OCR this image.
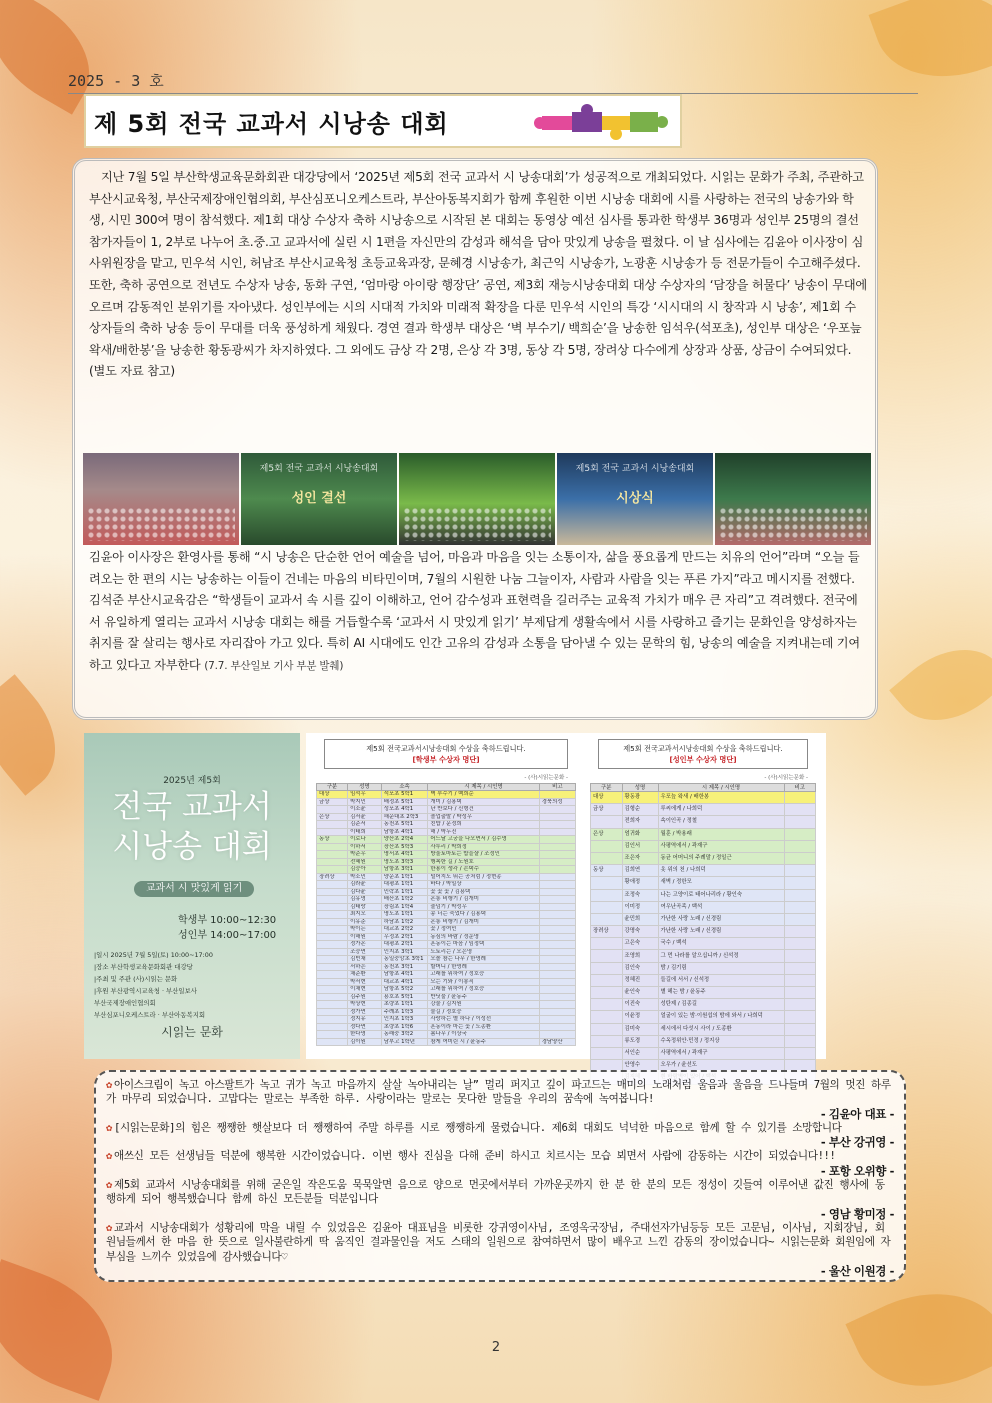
2025 - 3 호
제 5회 전국 교과서 시낭송 대회

　지난 7월 5일 부산학생교육문화회관 대강당에서 ‘2025년 제5회 전국 교과서 시 낭송대회’가 성공적으로 개최되었다. 시읽는 문화가 주최, 주관하고 부산시교육청, 부산국제장애인협의회, 부산심포니오케스트라, 부산아동복지회가 함께 후원한 이번 시낭송 대회에 시를 사랑하는 전국의 낭송가와 학생, 시민 300여 명이 참석했다. 제1회 대상 수상자 축하 시낭송으로 시작된 본 대회는 동영상 예선 심사를 통과한 학생부 36명과 성인부 25명의 결선 참가자들이 1, 2부로 나누어 초.중.고 교과서에 실린 시 1편을 자신만의 감성과 해석을 담아 맛있게 낭송을 펼쳤다. 이 날 심사에는 김윤아 이사장이 심사위원장을 맡고, 민우석 시인, 허남조 부산시교육청 초등교육과장, 문혜경 시낭송가, 최근익 시낭송가, 노광훈 시낭송가 등 전문가들이 수고해주셨다. 또한, 축하 공연으로 전년도 수상자 낭송, 동화 구연, ‘엄마랑 아이랑 행장단’ 공연, 제3회 재능시낭송대회 대상 수상자의 ‘담장을 허물다’ 낭송이 무대에 오르며 감동적인 분위기를 자아냈다. 성인부에는 시의 시대적 가치와 미래적 확장을 다룬 민우석 시인의 특강 ‘시시대의 시 창작과 시 낭송’, 제1회 수상자들의 축하 낭송 등이 무대를 더욱 풍성하게 채웠다. 경연 결과 학생부 대상은 ‘벽 부수기/ 백희순’을 낭송한 임석우(석포초), 성인부 대상은 ‘우포늪 왁새/배한봉’을 낭송한 황동광씨가 차지하였다. 그 외에도 금상 각 2명, 은상 각 3명, 동상 각 5명, 장려상 다수에게 상장과 상품, 상금이 수여되었다. (별도 자료 참고)

제5회 전국 교과서 시낭송대회
성인 결선
제5회 전국 교과서 시낭송대회
시상식

김윤아 이사장은 환영사를 통해 “시 낭송은 단순한 언어 예술을 넘어, 마음과 마음을 잇는 소통이자, 삶을 풍요롭게 만드는 치유의 언어”라며 “오늘 들려오는 한 편의 시는 낭송하는 이들이 건네는 마음의 비타민이며, 7월의 시원한 나눔 그늘이자, 사람과 사람을 잇는 푸른 가지”라고 메시지를 전했다. 김석준 부산시교육감은 “학생들이 교과서 속 시를 깊이 이해하고, 언어 감수성과 표현력을 길러주는 교육적 가치가 매우 큰 자리”고 격려했다. 전국에서 유일하게 열리는 교과서 시낭송 대회는 해를 거듭할수록 ‘교과서 시 맛있게 읽기’ 부제답게 생활속에서 시를 사랑하고 즐기는 문화인을 양성하자는 취지를 잘 살리는 행사로 자리잡아 가고 있다. 특히 AI 시대에도 인간 고유의 감성과 소통을 담아낼 수 있는 문학의 힘, 낭송의 예술을 지켜내는데 기여하고 있다고 자부한다 (7.7. 부산일보 기사 부분 발췌)

2025년 제5회
전국 교과서
시낭송 대회
교과서 시 맛있게 읽기
학생부 10:00~12:30
성인부 14:00~17:00
|일시 2025년 7월 5일(토) 10:00~17:00
|장소 부산학생교육문화회관 대강당
|주최 및 주관 (사)시읽는 문화
|후원 부산광역시교육청 · 부산일보사
부산국제장애인협의회
부산심포니오케스트라 · 부산아동복지회
시읽는 문화
제5회 전국교과서시낭송대회 수상을 축하드립니다.
[학생부 수상자 명단]
- (사)시읽는문화 -
구분	성명	소속	시 제목 / 시인명	비고
대상	임석우	석포초 5학1	벽 부수기 / 백희순	
금상	박지민	배정초 5학1	개미 / 김용택	경북의성
	이소윤	성포초 4학1	난 반보다 / 신형건	
은상	김서윤	해운대초 2학3	졸업출발 / 박성우	
	김준서	동천초 5학1	친밥 / 문정희	
	이태희	남항초 4학1	해 / 박두진	
동상	이로나	양산초 2학4	어느날 고궁을 나오면서 / 김수영	
	이하서	장산초 5학3	사투리 / 박희정	
	박준우	명서초 4학1	방울토마토는 밥을샬 / 조정인	
	전혜원	명도초 3학3	행복한 길 / 노원호	
	김승아	남항초 3학1	한용이 생각 / 손택수	
장려상	박소민	양운초 1학1	털어지도 뛰는 공처럼 / 정현종	
	김라윤	대평초 1학1	바다 / 박일상	
	김다윤	민락초 1학1	꽃 꽃 꽃 / 김용택	
	김유영	배산초 1학2	온통 비행기 / 김개미	
	김태랑	장림초 1학4	줄넘기 / 박성우	
	최지오	명도초 1학1	콩 너는 죽었다 / 김용택	
	이유준	하남초 1학2	온통 비행기 / 김개미	
	박이든	대교초 2학2	꽃 / 정여민	
	이해원	우정초 2학1	동심의 바람 / 정운영	
	정가온	대평초 2학1	혼동이는 마음 / 임정택	
	조승연	인지초 3학1	도토리는 / 오은영	
	김빈채	동일중앙초 3학1	오솔 참는 나무 / 한영례	
	서하은	동천초 3학1	할머니 / 한영례	
	채준환	남항초 4학1	고래를 위하여 / 정호승	
	박서현	대교초 4학1	모는 기와 / 이봉직	
	이채현	남항초 5학2	고래를 위하여 / 정호승	
	김주원	용호초 5학1	반딧불 / 윤동주	
	박상현	초량초 1학1	강물 / 김지원	
	정가연	주례초 1학3	물길 / 정호승	
	정지유	인지초 1학3	사랑하는 별 하나 / 이성선	
	정다연	초량초 1학6	혼동이라 마는 꽃 / 도종환	
	한다영	동래중 3학2	봄나무 / 이상국	
	김이원	남부고 1학년	참게 여미린 시 / 윤동주	경남양산
제5회 전국교과서시낭송대회 수상을 축하드립니다.
[성인부 수상자 명단]
- (사)시읽는문화 -
구분	성명	시 제목 / 시인명	비고
대상	황동광	우포늪 왁새 / 배한봉	
금상	김형순	루씨에게 / 나희덕	
	전희자	속이인곡 / 정철	
은상	엄귀화	월훈 / 박용래	
	김인서	사평역에서 / 곽재구	
	조은자	동균 어머니의 주례말 / 정일근	
동상	김희연	옷 위의 천 / 나희덕	
	황애정	새벽 / 정한모	
	조정숙	나는 고양이로 태어나리라 / 황인숙	
	이미정	여우난곡족 / 백석	
	윤민희	가난한 사랑 노래 / 신경림	
장려상	강명숙	가난한 사랑 노래 / 신경림	
	고은숙	국수 / 백석	
	조영희	그 먼 나라를 알으십니까 / 신석정	
	김인숙	밤 / 김기림	
	정혜진	들길에 서서 / 신석정	
	윤인숙	별 헤는 밤 / 윤동주	
	이진숙	성탄제 / 김종길	
	이윤정	얼굴이 있는 밤·이원섭의 밤에 와서 / 나희덕	
	김미숙	세시에서 다섯시 사이 / 도종환	
	류도경	수옥정위안·민정 / 정지상	
	서인순	사평역에서 / 곽재구	
	안영수	오우가 / 윤선도	

✿ 아이스크림이 녹고 아스팔트가 녹고 귀가 녹고 마음까지 살살 녹아내리는 날” 멀리 퍼지고 깊이 파고드는 매미의 노래처럼 울음과 울음을 드나들며 7월의 멋진 하루가 마무리 되었습니다. 고맙다는 말로는 부족한 하루. 사랑이라는 말로는 못다한 말들을 우리의 꿈속에 녹여봅니다!
- 김윤아 대표 -
✿ [시읽는문화]의 힘은 쨍쨍한 햇살보다 더 쨍쨍하여 주말 하루를 시로 쨍쨍하게 물렸습니다. 제6회 대회도 넉넉한 마음으로 함께 할 수 있기를 소망합니다
- 부산 강귀영 -
✿ 애쓰신 모든 선생님들 덕분에 행복한 시간이었습니다. 이번 행사 진심을 다해 준비 하시고 치르시는 모습 뵈면서 사람에 감동하는 시간이 되었습니다!!!
- 포항 오위향 -
✿ 제5회 교과서 시낭송대회를 위해 굳은일 작은도움 묵묵알면 음으로 양으로 먼곳에서부터 가까운곳까지 한 분 한 분의 모든 정성이 깃들여 이루어낸 값진 행사에 동행하게 되어 행복했습니다 함께 하신 모든분들 덕분입니다
- 영남 황미정 -
✿ 교과서 시낭송대회가 성황리에 막을 내릴 수 있었음은 김윤아 대표님을 비롯한 강귀영이사님, 조영옥국장님, 주대선자가님등등 모든 고문님, 이사님, 지회장님, 회원님들께서 한 마음 한 뜻으로 일사불란하게 딱 움직인 결과물인을 저도 스태의 일원으로 참여하면서 많이 배우고 느낀 감동의 장이었습니다~ 시읽는문화 회원임에 자부심을 느끼수 있었음에 감사했습니다♡
- 울산 이원경 -
2
